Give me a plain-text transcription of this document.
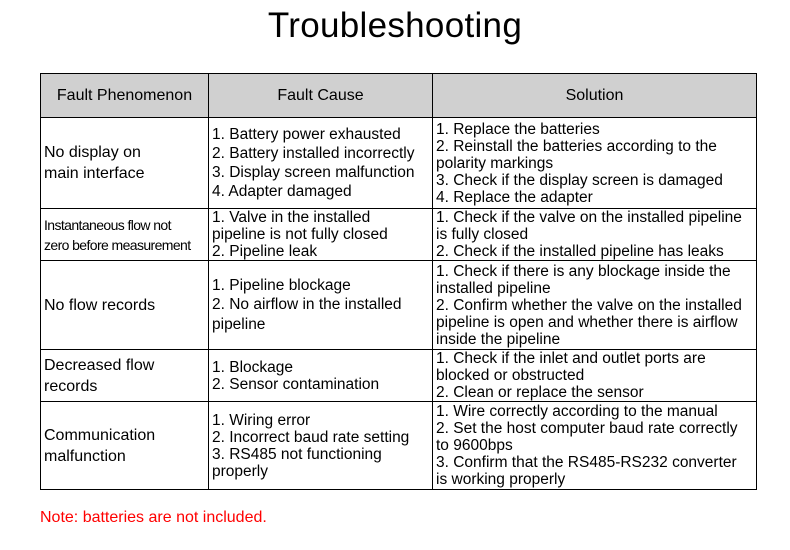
Troubleshooting
Fault Phenomenon	Fault Cause	Solution

No display on
main interface	1. Battery power exhausted
2. Battery installed incorrectly
3. Display screen malfunction
4. Adapter damaged	1. Replace the batteries
2. Reinstall the batteries according to the
polarity markings
3. Check if the display screen is damaged
4. Replace the adapter

Instantaneous flow not
zero before measurement	1. Valve in the installed
pipeline is not fully closed
2. Pipeline leak	1. Check if the valve on the installed pipeline
is fully closed
2. Check if the installed pipeline has leaks

No flow records	1. Pipeline blockage
2. No airflow in the installed
pipeline	1. Check if there is any blockage inside the
installed pipeline
2. Confirm whether the valve on the installed
pipeline is open and whether there is airflow
inside the pipeline

Decreased flow
records	1. Blockage
2. Sensor contamination	1. Check if the inlet and outlet ports are
blocked or obstructed
2. Clean or replace the sensor

Communication
malfunction	1. Wiring error
2. Incorrect baud rate setting
3. RS485 not functioning
properly	1. Wire correctly according to the manual
2. Set the host computer baud rate correctly
to 9600bps
3. Confirm that the RS485-RS232 converter
is working properly
Note: batteries are not included.
